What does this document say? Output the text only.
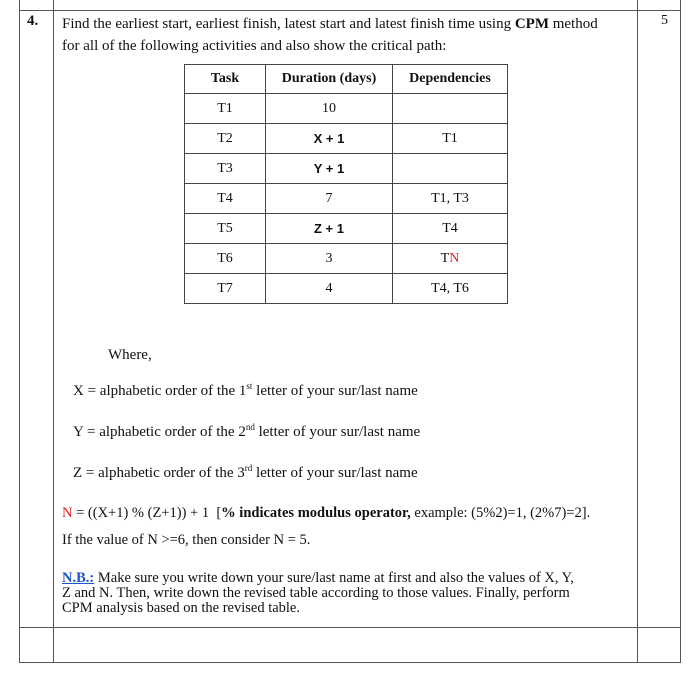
4.	5
Find the earliest start, earliest finish, latest start and latest finish time using CPM method
for all of the following activities and also show the critical path:
Task	Duration (days)	Dependencies
T1	10	
T2	X + 1	T1
T3	Y + 1	
T4	7	T1, T3
T5	Z + 1	T4
T6	3	TN
T7	4	T4, T6
Where,
X = alphabetic order of the 1st letter of your sur/last name
Y = alphabetic order of the 2nd letter of your sur/last name
Z = alphabetic order of the 3rd letter of your sur/last name
N = ((X+1) % (Z+1)) + 1  [% indicates modulus operator, example: (5%2)=1, (2%7)=2].
If the value of N >=6, then consider N = 5.
N.B.: Make sure you write down your sure/last name at first and also the values of X, Y,
Z and N. Then, write down the revised table according to those values. Finally, perform
CPM analysis based on the revised table.
